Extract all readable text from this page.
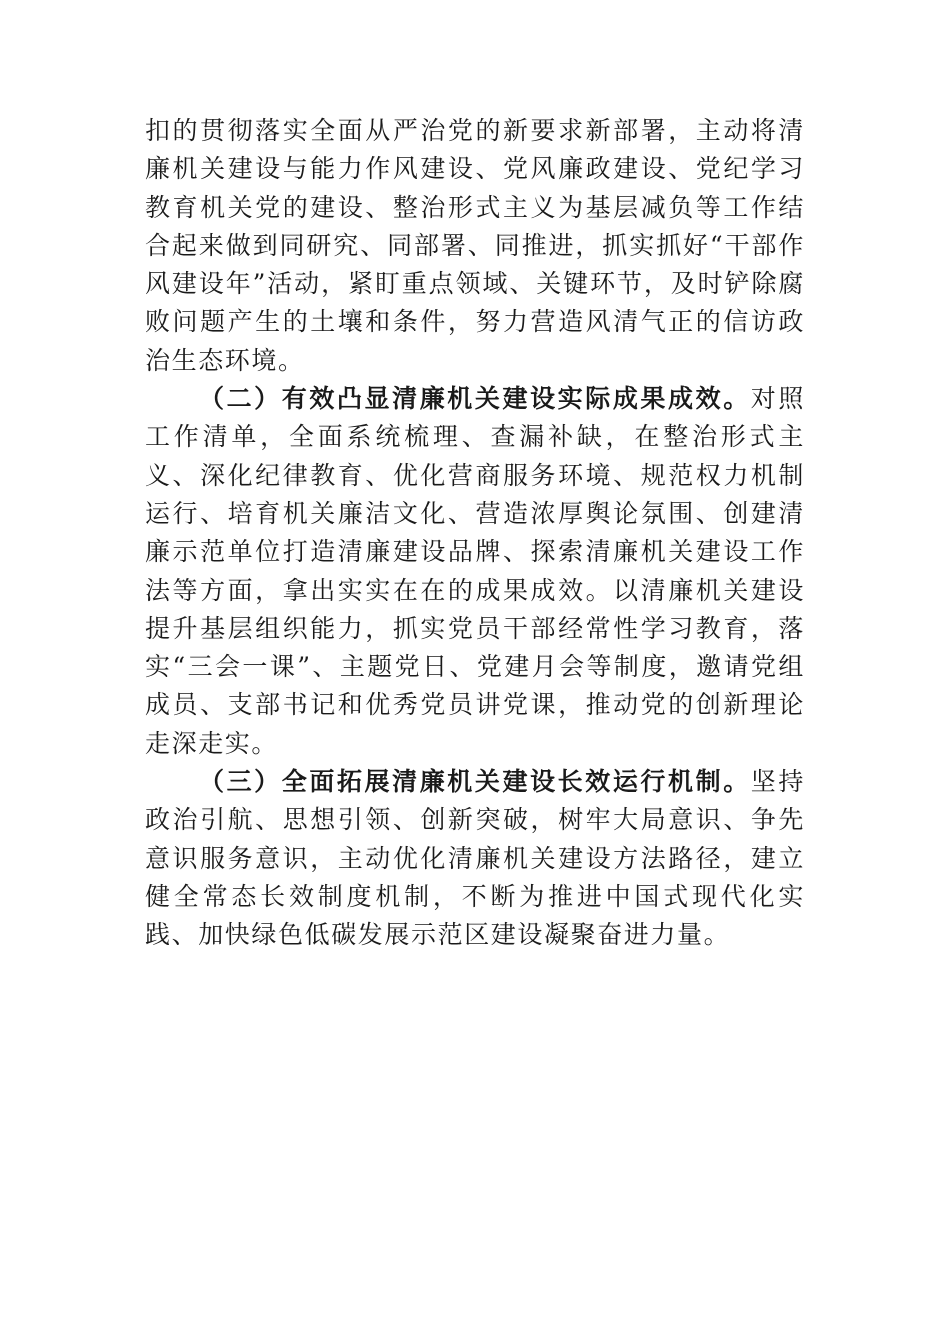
扣的贯彻落实全面从严治党的新要求新部署，主动将清廉机关建设与能力作风建设、党风廉政建设、党纪学习教育机关党的建设、整治形式主义为基层减负等工作结合起来做到同研究、同部署、同推进，抓实抓好“干部作风建设年”活动，紧盯重点领域、关键环节，及时铲除腐败问题产生的土壤和条件，努力营造风清气正的信访政治生态环境。

（二）有效凸显清廉机关建设实际成果成效。对照工作清单，全面系统梳理、查漏补缺，在整治形式主义、深化纪律教育、优化营商服务环境、规范权力机制运行、培育机关廉洁文化、营造浓厚舆论氛围、创建清廉示范单位打造清廉建设品牌、探索清廉机关建设工作法等方面，拿出实实在在的成果成效。以清廉机关建设提升基层组织能力，抓实党员干部经常性学习教育，落实“三会一课”、主题党日、党建月会等制度，邀请党组成员、支部书记和优秀党员讲党课，推动党的创新理论走深走实。

（三）全面拓展清廉机关建设长效运行机制。坚持政治引航、思想引领、创新突破，树牢大局意识、争先意识服务意识，主动优化清廉机关建设方法路径，建立健全常态长效制度机制，不断为推进中国式现代化实践、加快绿色低碳发展示范区建设凝聚奋进力量。
